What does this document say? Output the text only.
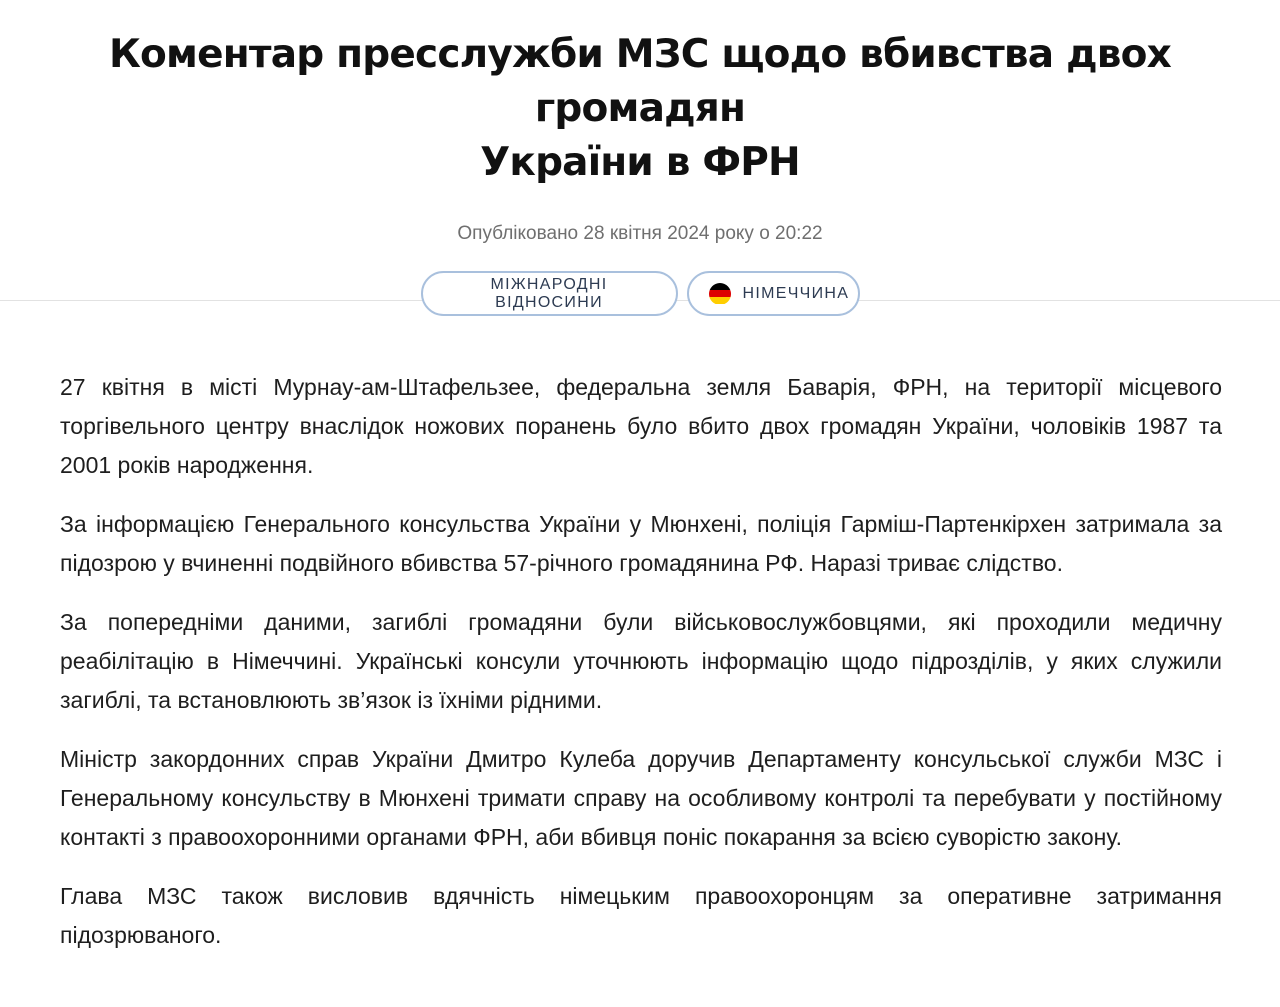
Коментар пресслужби МЗС щодо вбивства двох громадян
України в ФРН
Опубліковано 28 квітня 2024 року о 20:22
МІЖНАРОДНІ ВІДНОСИНИ
НІМЕЧЧИНА

27 квітня в місті Мурнау-ам-Штафельзее, федеральна земля Баварія, ФРН, на території місцевого торгівельного центру внаслідок ножових поранень було вбито двох громадян України, чоловіків 1987 та 2001 років народження.

За інформацією Генерального консульства України у Мюнхені, поліція Гарміш-Партенкірхен затримала за підозрою у вчиненні подвійного вбивства 57-річного громадянина РФ. Наразі триває слідство.

За попередніми даними, загиблі громадяни були військовослужбовцями, які проходили медичну реабілітацію в Німеччині. Українські консули уточнюють інформацію щодо підрозділів, у яких служили загиблі, та встановлюють зв’язок із їхніми рідними.

Міністр закордонних справ України Дмитро Кулеба доручив Департаменту консульської служби МЗС і Генеральному консульству в Мюнхені тримати справу на особливому контролі та перебувати у постійному контакті з правоохоронними органами ФРН, аби вбивця поніс покарання за всією суворістю закону.

Глава МЗС також висловив вдячність німецьким правоохоронцям за оперативне затримання підозрюваного.
